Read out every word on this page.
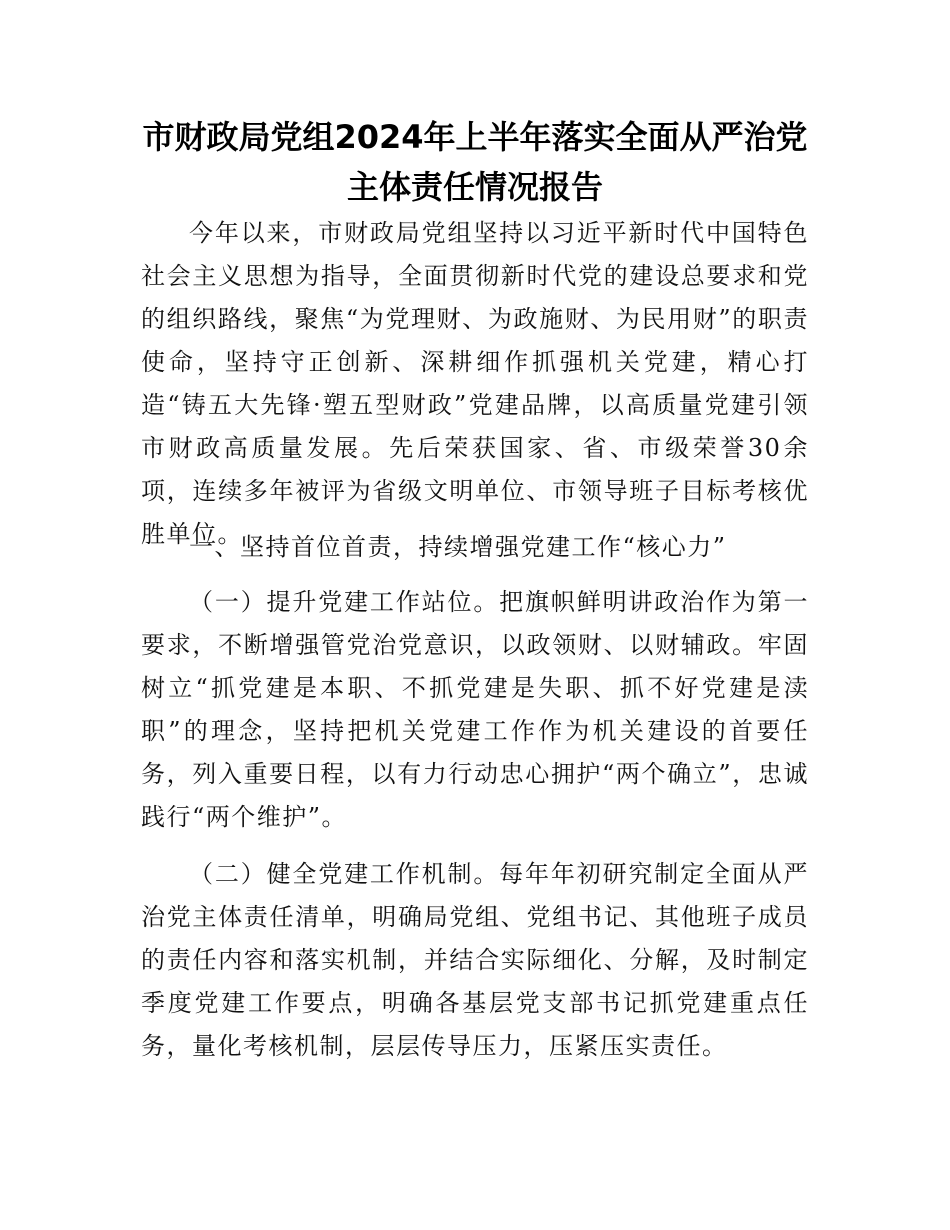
市财政局党组2024年上半年落实全面从严治党
主体责任情况报告

今年以来，市财政局党组坚持以习近平新时代中国特色社会主义思想为指导，全面贯彻新时代党的建设总要求和党的组织路线，聚焦“为党理财、为政施财、为民用财”的职责使命，坚持守正创新、深耕细作抓强机关党建，精心打造“铸五大先锋·塑五型财政”党建品牌，以高质量党建引领市财政高质量发展。先后荣获国家、省、市级荣誉30余项，连续多年被评为省级文明单位、市领导班子目标考核优胜单位。

一、坚持首位首责，持续增强党建工作“核心力”

（一）提升党建工作站位。把旗帜鲜明讲政治作为第一要求，不断增强管党治党意识，以政领财、以财辅政。牢固树立“抓党建是本职、不抓党建是失职、抓不好党建是渎职”的理念，坚持把机关党建工作作为机关建设的首要任务，列入重要日程，以有力行动忠心拥护“两个确立”，忠诚践行“两个维护”。

（二）健全党建工作机制。每年年初研究制定全面从严治党主体责任清单，明确局党组、党组书记、其他班子成员的责任内容和落实机制，并结合实际细化、分解，及时制定季度党建工作要点，明确各基层党支部书记抓党建重点任务，量化考核机制，层层传导压力，压紧压实责任。
